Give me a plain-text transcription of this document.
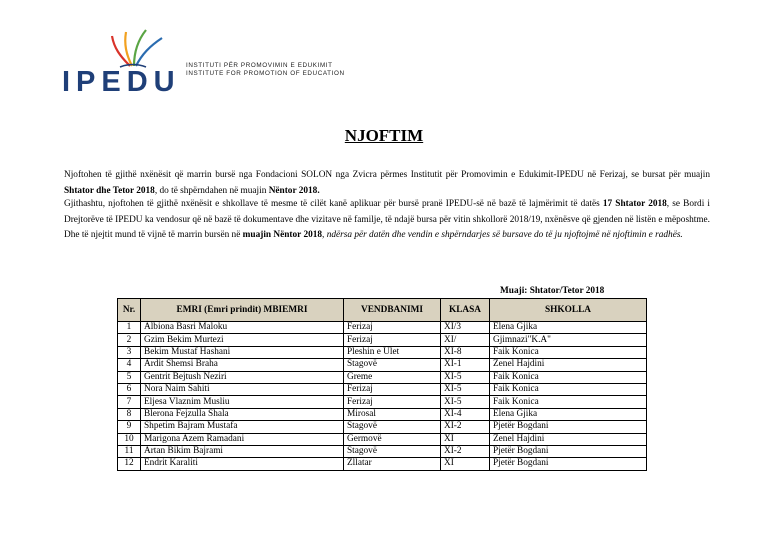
IPEDU
INSTITUTI PËR PROMOVIMIN E EDUKIMIT
INSTITUTE FOR PROMOTION OF EDUCATION
NJOFTIM
Njoftohen të gjithë nxënësit që marrin bursë nga Fondacioni SOLON nga Zvicra përmes Institutit për Promovimin e Edukimit-IPEDU në Ferizaj, se bursat për muajin Shtator dhe Tetor 2018, do të shpërndahen në muajin Nëntor 2018.
Gjithashtu, njoftohen të gjithë nxënësit e shkollave të mesme të cilët kanë aplikuar për bursë pranë IPEDU-së në bazë të lajmërimit të datës 17 Shtator 2018, se Bordi i Drejtorëve të IPEDU ka vendosur që në bazë të dokumentave dhe vizitave në familje, të ndajë bursa për vitin shkollorë 2018/19, nxënësve që gjenden në listën e mëposhtme. Dhe të njejtit mund të vijnë të marrin bursën në muajin Nëntor 2018, ndërsa për datën dhe vendin e shpërndarjes së bursave do të ju njoftojmë në njoftimin e radhës.
Muaji: Shtator/Tetor 2018
Nr.	EMRI (Emri prindit) MBIEMRI	VENDBANIMI	KLASA	SHKOLLA
1	Albiona Basri Maloku	Ferizaj	XI/3	Elena Gjika
2	Gzim Bekim Murtezi	Ferizaj	XI/	Gjimnazi"K.A"
3	Bekim Mustaf Hashani	Pleshin e Ulet	XI-8	Faik Konica
4	Ardit Shemsi Braha	Stagovë	XI-1	Zenel Hajdini
5	Gentrit Bejtush Neziri	Greme	XI-5	Faik Konica
6	Nora Naim Sahiti	Ferizaj	XI-5	Faik Konica
7	Eljesa Vlaznim Musliu	Ferizaj	XI-5	Faik Konica
8	Blerona Fejzulla Shala	Mirosal	XI-4	Elena Gjika
9	Shpetim Bajram Mustafa	Stagovë	XI-2	Pjetër Bogdani
10	Marigona Azem Ramadani	Germovë	XI	Zenel Hajdini
11	Artan Bikim Bajrami	Stagovë	XI-2	Pjetër Bogdani
12	Endrit Karaliti	Zllatar	XI	Pjetër Bogdani
